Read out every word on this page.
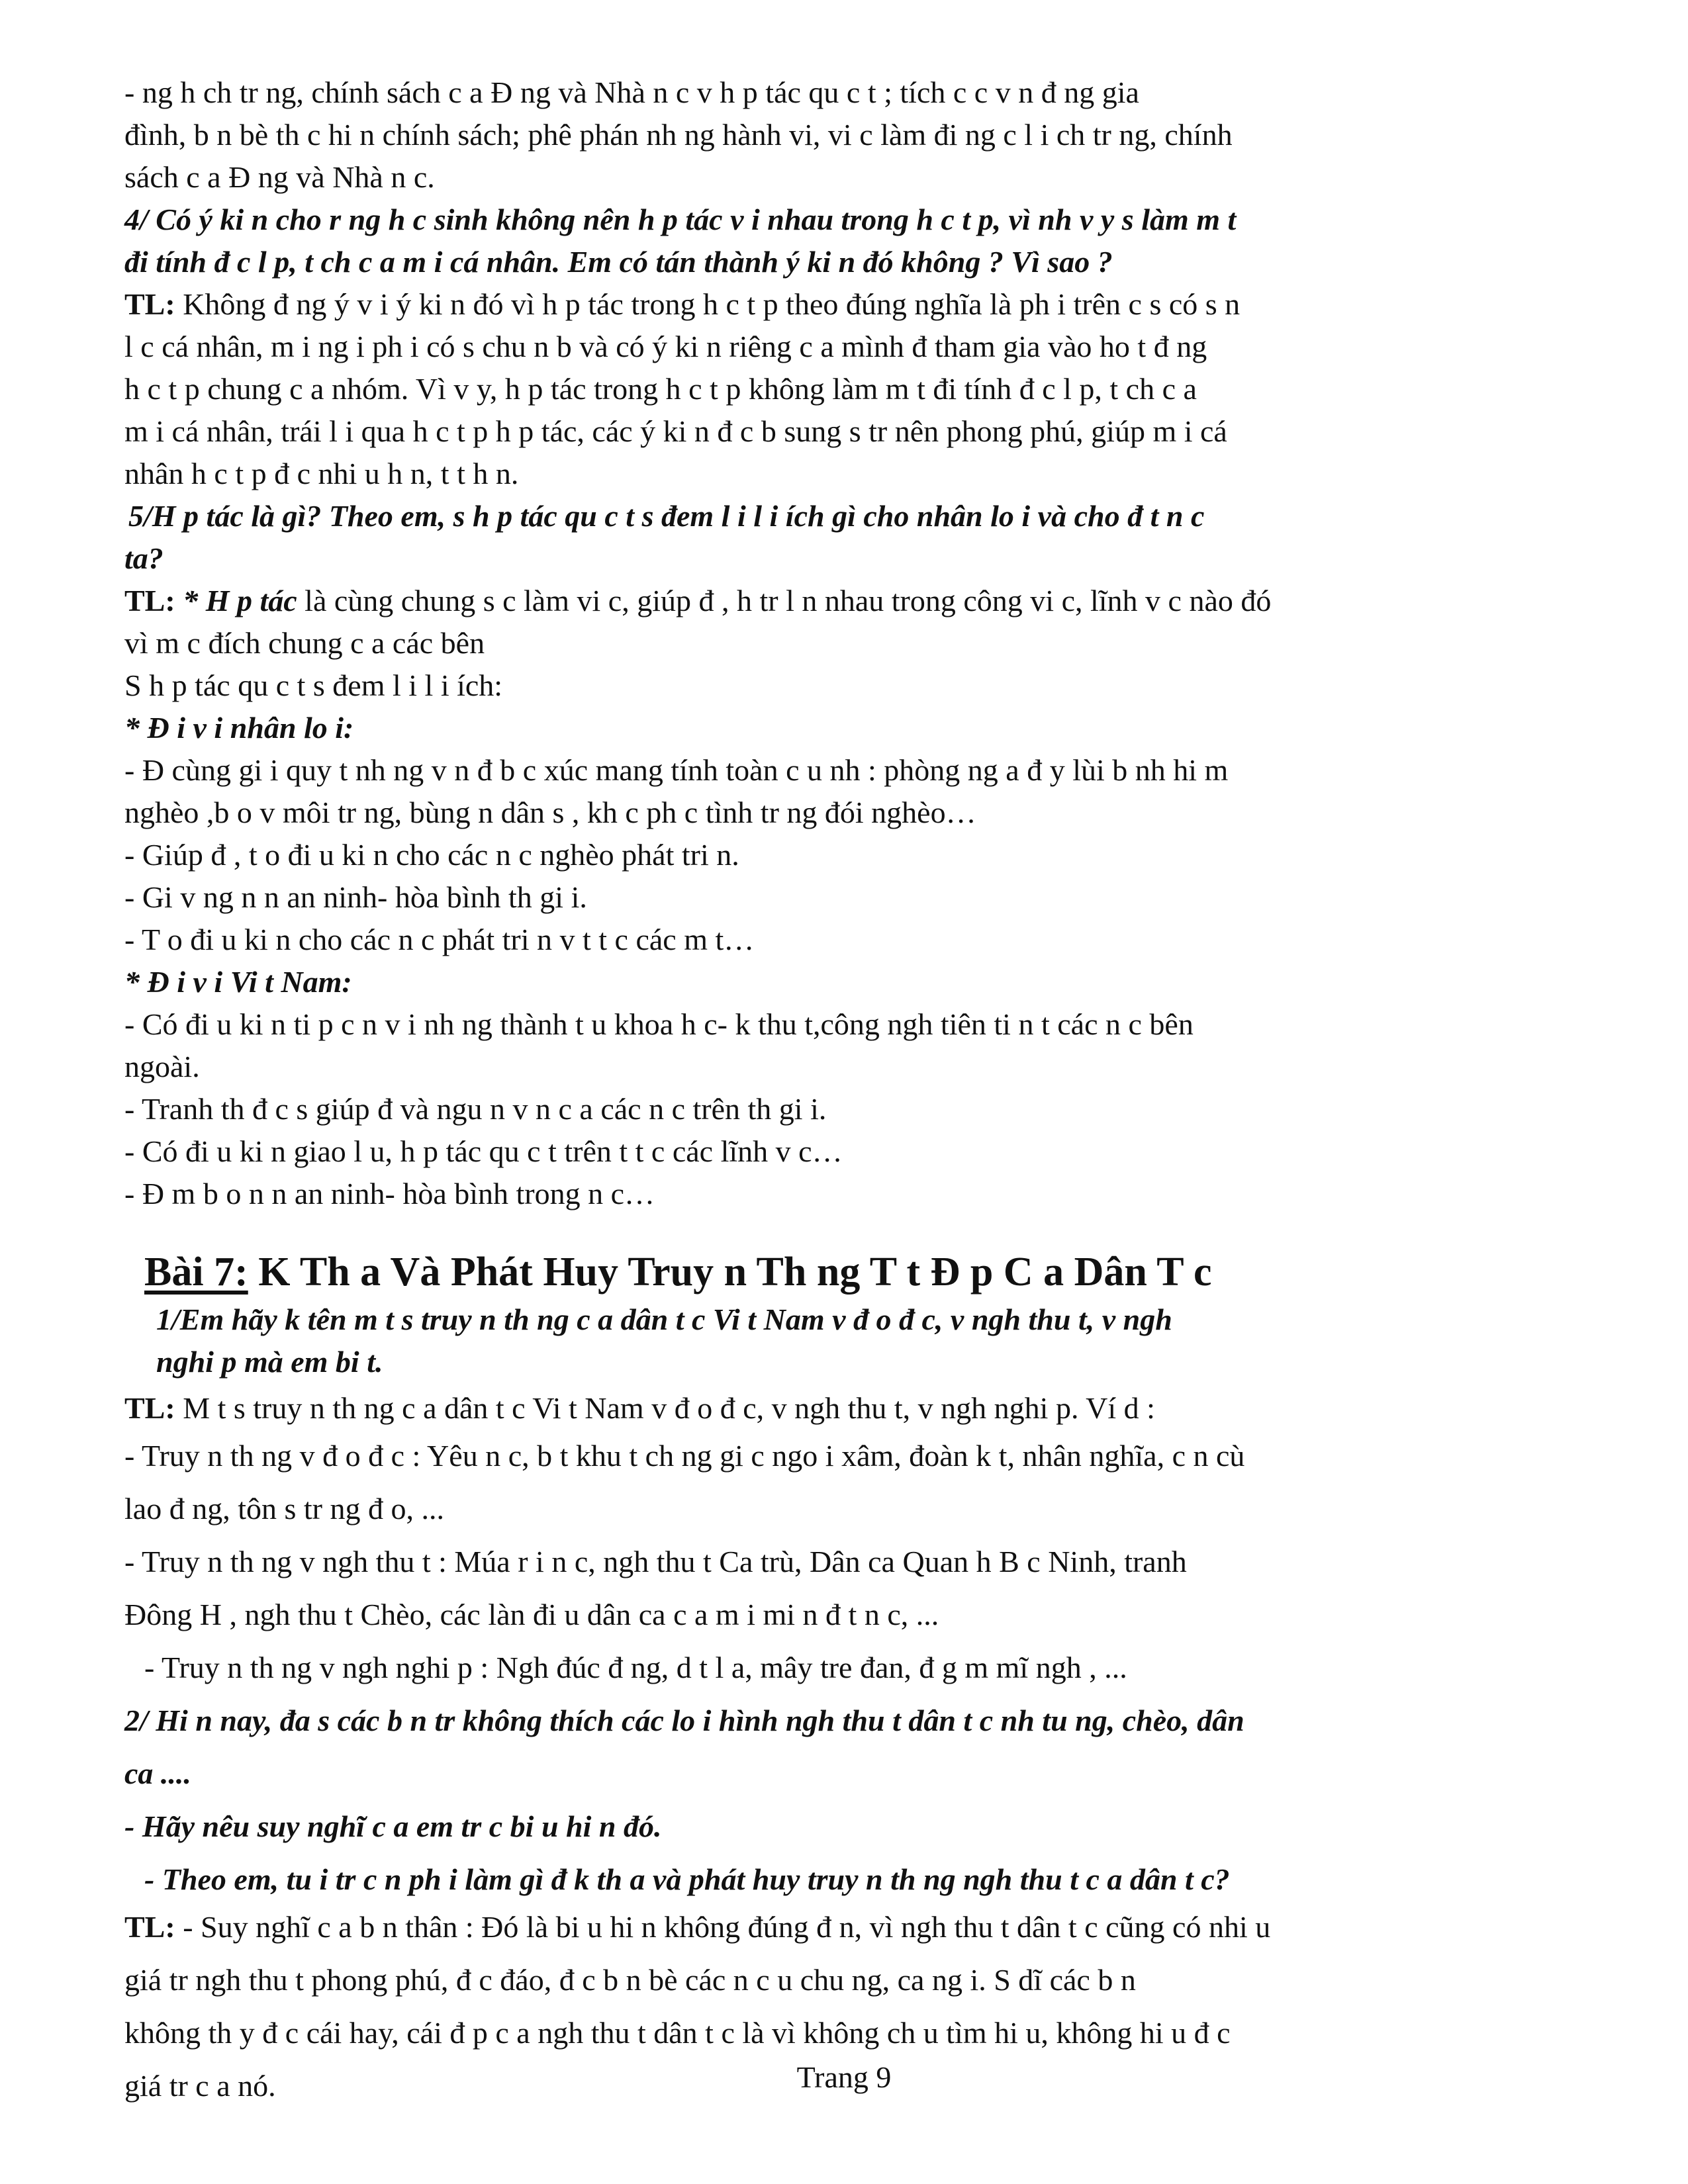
- ng h ch tr ng, chính sách c a Đ ng và Nhà n c v h p tác qu c t ; tích c c v n đ ng gia

đình, b n bè th c hi n chính sách; phê phán nh ng hành vi, vi c làm đi ng c l i ch tr ng, chính

sách c a Đ ng và Nhà n c.

4/ Có ý ki n cho r ng h c sinh không nên h p tác v i nhau trong h c t p, vì nh v y s làm m t

đi tính đ c l p, t ch c a m i cá nhân. Em có tán thành ý ki n đó không ? Vì sao ?

TL: Không đ ng ý v i ý ki n đó vì h p tác trong h c t p theo đúng nghĩa là ph i trên c s có s n

l c cá nhân, m i ng i ph i có s chu n b và có ý ki n riêng c a mình đ tham gia vào ho t đ ng

h c t p chung c a nhóm. Vì v y, h p tác trong h c t p không làm m t đi tính đ c l p, t ch c a

m i cá nhân, trái l i qua h c t p h p tác, các ý ki n đ c b sung s tr nên phong phú, giúp m i cá

nhân h c t p đ c nhi u h n, t t h n.

5/H p tác là gì? Theo em, s h p tác qu c t s đem l i l i ích gì cho nhân lo i và cho đ t n c

ta?

TL: * H p tác là cùng chung s c làm vi c, giúp đ , h tr l n nhau trong công vi c, lĩnh v c nào đó

vì m c đích chung c a các bên

S h p tác qu c t s đem l i l i ích:

* Đ i v i nhân lo i:

- Đ cùng gi i quy t nh ng v n đ b c xúc mang tính toàn c u nh : phòng ng a đ y lùi b nh hi m

nghèo ,b o v môi tr ng, bùng n dân s , kh c ph c tình tr ng đói nghèo…

- Giúp đ , t o đi u ki n cho các n c nghèo phát tri n.

- Gi v ng n n an ninh- hòa bình th gi i.

- T o đi u ki n cho các n c phát tri n v t t c các m t…

* Đ i v i Vi t Nam:

- Có đi u ki n ti p c n v i nh ng thành t u khoa h c- k thu t,công ngh tiên ti n t các n c bên

ngoài.

- Tranh th đ c s giúp đ và ngu n v n c a các n c trên th gi i.

- Có đi u ki n giao l u, h p tác qu c t trên t t c các lĩnh v c…

- Đ m b o n n an ninh- hòa bình trong n c…

Bài 7: K Th a Và Phát Huy Truy n Th ng T t Đ p C a Dân T c

1/Em hãy k tên m t s truy n th ng c a dân t c Vi t Nam v đ o đ c, v ngh thu t, v ngh

nghi p mà em bi t.

TL: M t s truy n th ng c a dân t c Vi t Nam v đ o đ c, v ngh thu t, v ngh nghi p. Ví d :

- Truy n th ng v đ o đ c : Yêu n c, b t khu t ch ng gi c ngo i xâm, đoàn k t, nhân nghĩa, c n cù

lao đ ng, tôn s tr ng đ o, ...

- Truy n th ng v ngh thu t : Múa r i n c, ngh thu t Ca trù, Dân ca Quan h B c Ninh, tranh

Đông H , ngh thu t Chèo, các làn đi u dân ca c a m i mi n đ t n c, ...

- Truy n th ng v ngh nghi p : Ngh đúc đ ng, d t l a, mây tre đan, đ g m mĩ ngh , ...

2/ Hi n nay, đa s các b n tr không thích các lo i hình ngh thu t dân t c nh tu ng, chèo, dân

ca ....

- Hãy nêu suy nghĩ c a em tr c bi u hi n đó.

- Theo em, tu i tr c n ph i làm gì đ k th a và phát huy truy n th ng ngh thu t c a dân t c?

TL: - Suy nghĩ c a b n thân : Đó là bi u hi n không đúng đ n, vì ngh thu t dân t c cũng có nhi u

giá tr ngh thu t phong phú, đ c đáo, đ c b n bè các n c u chu ng, ca ng i. S dĩ các b n

không th y đ c cái hay, cái đ p c a ngh thu t dân t c là vì không ch u tìm hi u, không hi u đ c

giá tr c a nó.	Trang 9
